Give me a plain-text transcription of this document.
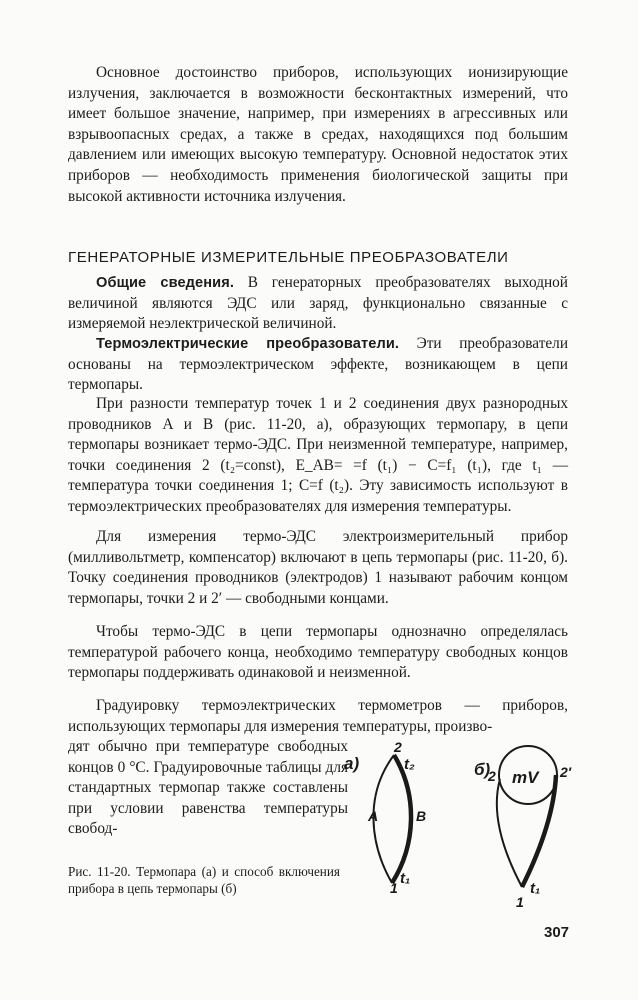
Основное достоинство приборов, использующих ионизирующие излучения, заключается в возможности бесконтактных измерений, что имеет большое значение, например, при измерениях в агрессивных или взрывоопасных средах, а также в средах, находящихся под большим давлением или имеющих высокую температуру. Основной недостаток этих приборов — необходимость применения биологической защиты при высокой активности источника излучения.

ГЕНЕРАТОРНЫЕ ИЗМЕРИТЕЛЬНЫЕ ПРЕОБРАЗОВАТЕЛИ

Общие сведения. В генераторных преобразователях выходной величиной являются ЭДС или заряд, функционально связанные с измеряемой неэлектрической величиной.

Термоэлектрические преобразователи. Эти преобразователи основаны на термоэлектрическом эффекте, возникающем в цепи термопары.

При разности температур точек 1 и 2 соединения двух разнородных проводников A и B (рис. 11-20, а), образующих термопару, в цепи термопары возникает термо-ЭДС. При неизменной температуре, например, точки соединения 2 (t₂=const), E_AB= =f (t₁) − C=f₁ (t₁), где t₁ — температура точки соединения 1; C=f (t₂). Эту зависимость используют в термоэлектрических преобразователях для измерения температуры.

Для измерения термо-ЭДС электроизмерительный прибор (милливольтметр, компенсатор) включают в цепь термопары (рис. 11-20, б). Точку соединения проводников (электродов) 1 называют рабочим концом термопары, точки 2 и 2′ — свободными концами.

Чтобы термо-ЭДС в цепи термопары однозначно определялась температурой рабочего конца, необходимо температуру свободных концов термопары поддерживать одинаковой и неизменной.

Градуировку термоэлектрических термометров — приборов, использующих термопары для измерения температуры, произво-

дят обычно при температуре свободных концов 0 °С. Градуировочные таблицы для стандартных термопар также составлены при условии равенства температуры свобод-

а)
2
t₂
A	B
t₁
1
б) mV
2	2′
t₁
1

Рис. 11-20. Термопара (а) и способ включения прибора в цепь термопары (б)

307
